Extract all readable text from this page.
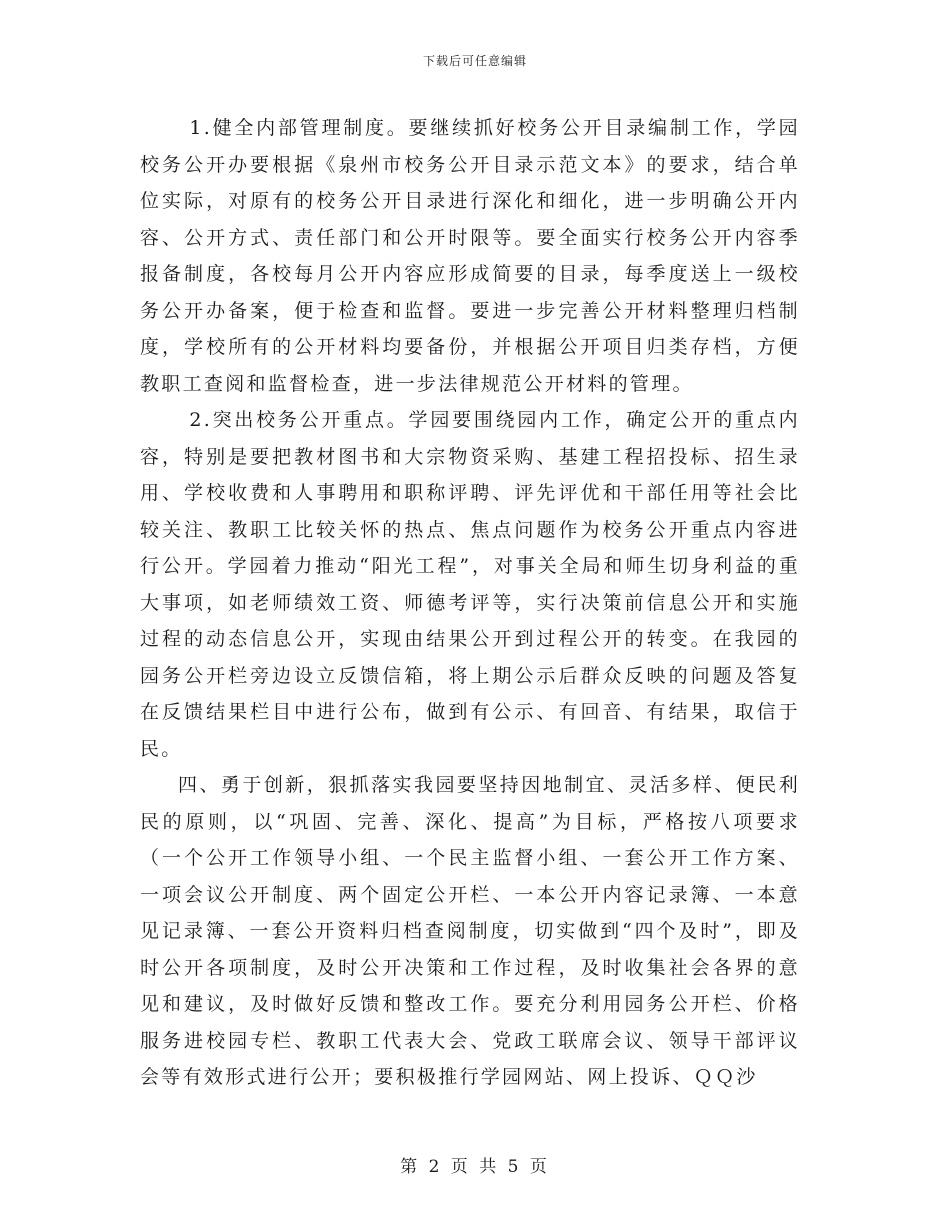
下载后可任意编辑

1.健全内部管理制度。要继续抓好校务公开目录编制工作，学园校务公开办要根据《泉州市校务公开目录示范文本》的要求，结合单位实际，对原有的校务公开目录进行深化和细化，进一步明确公开内容、公开方式、责任部门和公开时限等。要全面实行校务公开内容季报备制度，各校每月公开内容应形成简要的目录，每季度送上一级校务公开办备案，便于检查和监督。要进一步完善公开材料整理归档制度，学校所有的公开材料均要备份，并根据公开项目归类存档，方便教职工查阅和监督检查，进一步法律规范公开材料的管理。

2.突出校务公开重点。学园要围绕园内工作，确定公开的重点内容，特别是要把教材图书和大宗物资采购、基建工程招投标、招生录用、学校收费和人事聘用和职称评聘、评先评优和干部任用等社会比较关注、教职工比较关怀的热点、焦点问题作为校务公开重点内容进行公开。学园着力推动“阳光工程”，对事关全局和师生切身利益的重大事项，如老师绩效工资、师德考评等，实行决策前信息公开和实施过程的动态信息公开，实现由结果公开到过程公开的转变。在我园的园务公开栏旁边设立反馈信箱，将上期公示后群众反映的问题及答复在反馈结果栏目中进行公布，做到有公示、有回音、有结果，取信于民。

四、勇于创新，狠抓落实我园要坚持因地制宜、灵活多样、便民利民的原则，以“巩固、完善、深化、提高”为目标，严格按八项要求（一个公开工作领导小组、一个民主监督小组、一套公开工作方案、一项会议公开制度、两个固定公开栏、一本公开内容记录簿、一本意见记录簿、一套公开资料归档查阅制度，切实做到“四个及时”，即及时公开各项制度，及时公开决策和工作过程，及时收集社会各界的意见和建议，及时做好反馈和整改工作。要充分利用园务公开栏、价格服务进校园专栏、教职工代表大会、党政工联席会议、领导干部评议会等有效形式进行公开；要积极推行学园网站、网上投诉、ＱＱ沙

第 2 页 共 5 页
